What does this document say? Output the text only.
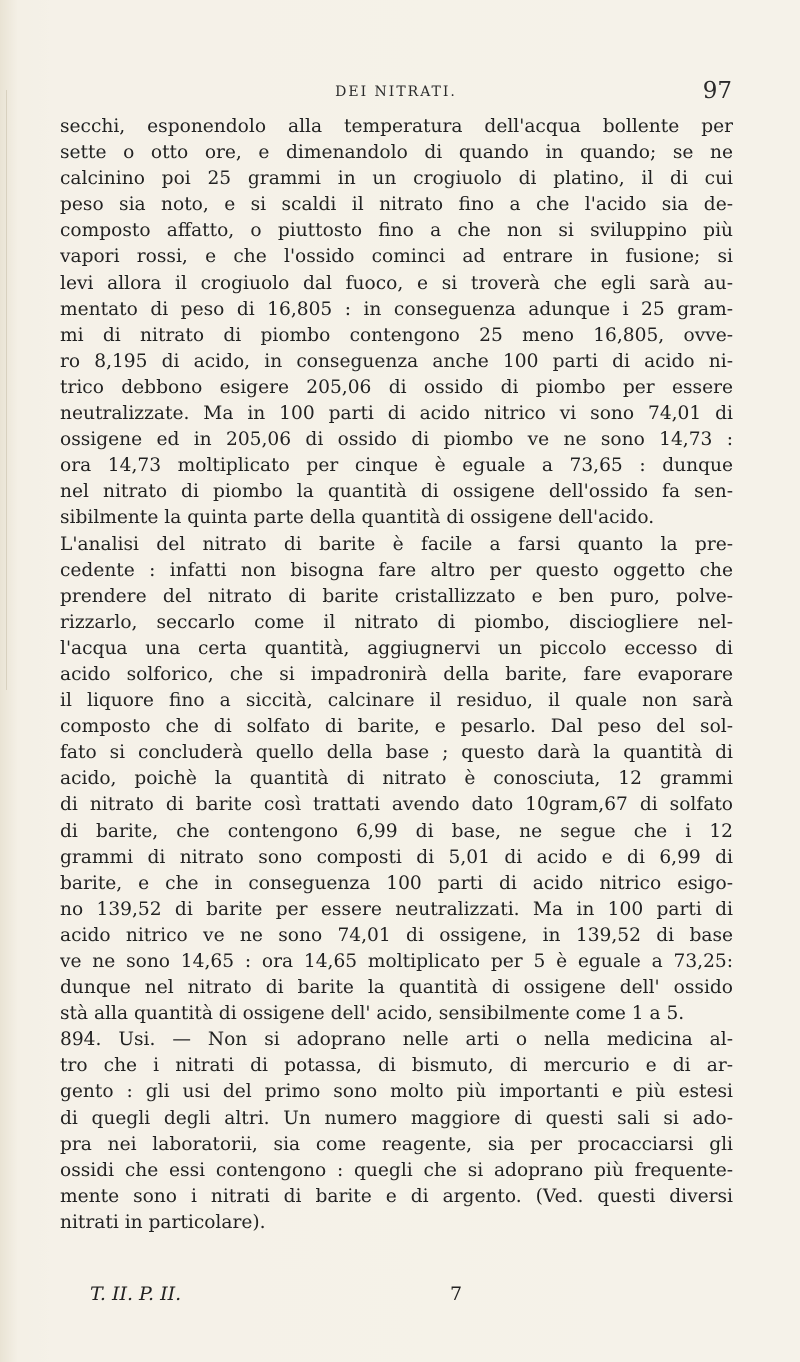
DEI NITRATI.	97
secchi, esponendolo alla temperatura dell'acqua bollente per
sette o otto ore, e dimenandolo di quando in quando; se ne
calcinino poi 25 grammi in un crogiuolo di platino, il di cui
peso sia noto, e si scaldi il nitrato fino a che l'acido sia de-
composto affatto, o piuttosto fino a che non si sviluppino più
vapori rossi, e che l'ossido cominci ad entrare in fusione; si
levi allora il crogiuolo dal fuoco, e si troverà che egli sarà au-
mentato di peso di 16,805 : in conseguenza adunque i 25 gram-
mi di nitrato di piombo contengono 25 meno 16,805, ovve-
ro 8,195 di acido, in conseguenza anche 100 parti di acido ni-
trico debbono esigere 205,06 di ossido di piombo per essere
neutralizzate. Ma in 100 parti di acido nitrico vi sono 74,01 di
ossigene ed in 205,06 di ossido di piombo ve ne sono 14,73 :
ora 14,73 moltiplicato per cinque è eguale a 73,65 : dunque
nel nitrato di piombo la quantità di ossigene dell'ossido fa sen-
sibilmente la quinta parte della quantità di ossigene dell'acido.
L'analisi del nitrato di barite è facile a farsi quanto la pre-
cedente : infatti non bisogna fare altro per questo oggetto che
prendere del nitrato di barite cristallizzato e ben puro, polve-
rizzarlo, seccarlo come il nitrato di piombo, disciogliere nel-
l'acqua una certa quantità, aggiugnervi un piccolo eccesso di
acido solforico, che si impadronirà della barite, fare evaporare
il liquore fino a siccità, calcinare il residuo, il quale non sarà
composto che di solfato di barite, e pesarlo. Dal peso del sol-
fato si concluderà quello della base ; questo darà la quantità di
acido, poichè la quantità di nitrato è conosciuta, 12 grammi
di nitrato di barite così trattati avendo dato 10gram,67 di solfato
di barite, che contengono 6,99 di base, ne segue che i 12
grammi di nitrato sono composti di 5,01 di acido e di 6,99 di
barite, e che in conseguenza 100 parti di acido nitrico esigo-
no 139,52 di barite per essere neutralizzati. Ma in 100 parti di
acido nitrico ve ne sono 74,01 di ossigene, in 139,52 di base
ve ne sono 14,65 : ora 14,65 moltiplicato per 5 è eguale a 73,25:
dunque nel nitrato di barite la quantità di ossigene dell' ossido
stà alla quantità di ossigene dell' acido, sensibilmente come 1 a 5.
894. Usi. — Non si adoprano nelle arti o nella medicina al-
tro che i nitrati di potassa, di bismuto, di mercurio e di ar-
gento : gli usi del primo sono molto più importanti e più estesi
di quegli degli altri. Un numero maggiore di questi sali si ado-
pra nei laboratorii, sia come reagente, sia per procacciarsi gli
ossidi che essi contengono : quegli che si adoprano più frequente-
mente sono i nitrati di barite e di argento. (Ved. questi diversi
nitrati in particolare).
T. II. P. II.	7
